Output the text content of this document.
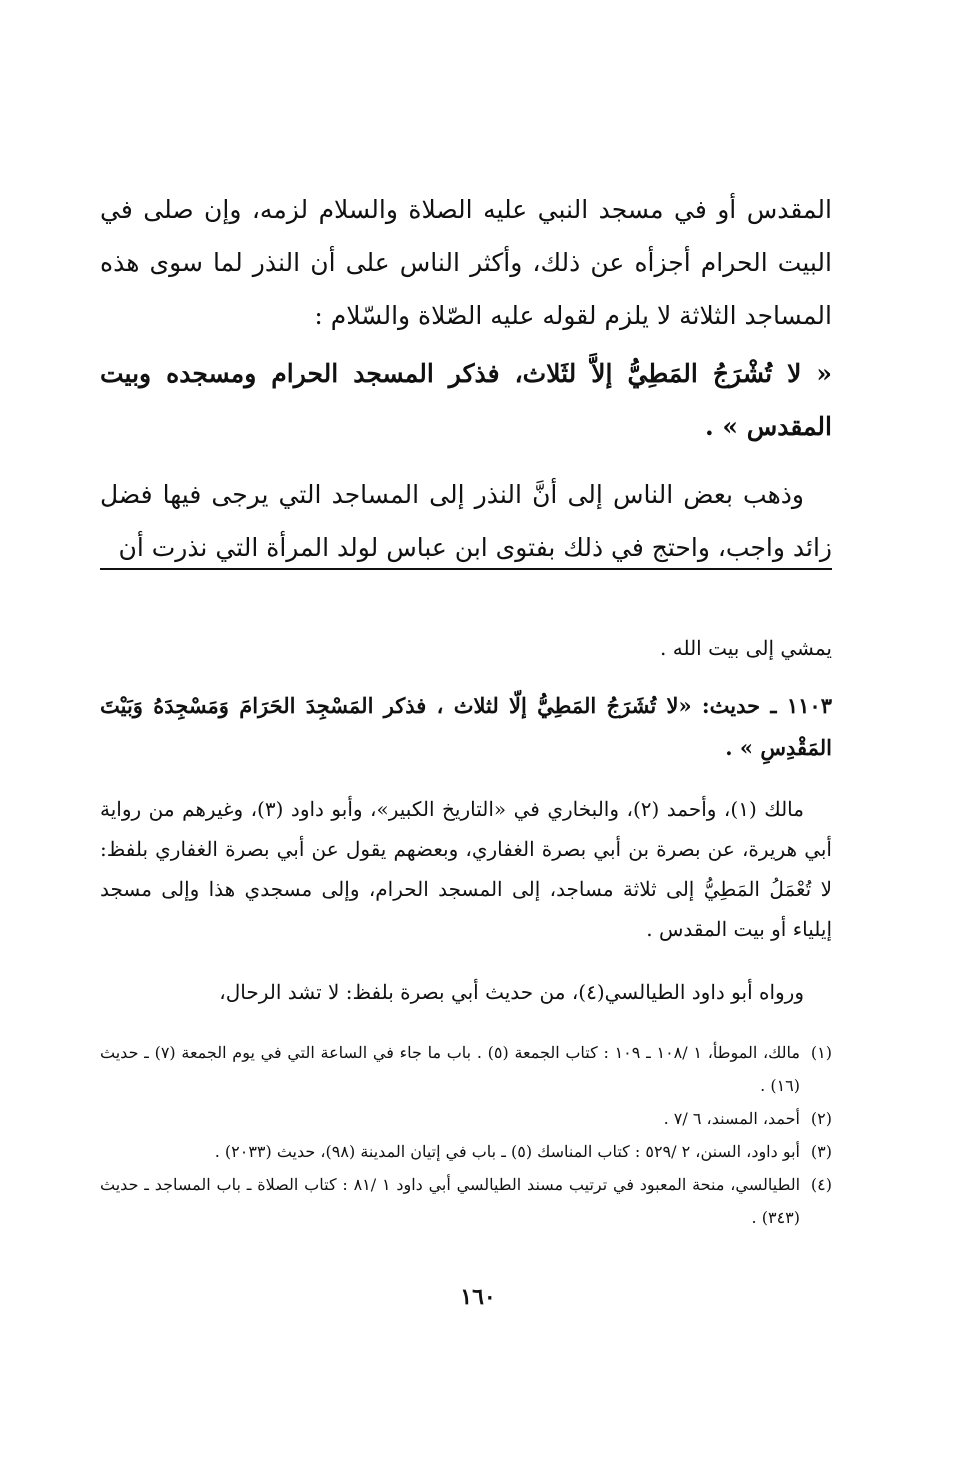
المقدس أو في مسجد النبي عليه الصلاة والسلام لزمه، وإن صلى في البيت الحرام أجزأه عن ذلك، وأكثر الناس على أن النذر لما سوى هذه المساجد الثلاثة لا يلزم لقوله عليه الصّلاة والسّلام :

« لا تُشْرَجُ المَطِيُّ إلاَّ لثَلاث، فذكر المسجد الحرام ومسجده وبيت المقدس » .

وذهب بعض الناس إلى أنَّ النذر إلى المساجد التي يرجى فيها فضل زائد واجب، واحتج في ذلك بفتوى ابن عباس لولد المرأة التي نذرت أن

يمشي إلى بيت الله .

١١٠٣ ـ حديث: «لا تُشَرَجُ المَطِيُّ إلّا لثلاث ، فذكر المَسْجِدَ الحَرَامَ وَمَسْجِدَهُ وَبَيْتَ المَقْدِسِ » .

مالك (١)، وأحمد (٢)، والبخاري في «التاريخ الكبير»، وأبو داود (٣)، وغيرهم من رواية أبي هريرة، عن بصرة بن أبي بصرة الغفاري، وبعضهم يقول عن أبي بصرة الغفاري بلفظ: لا تُعْمَلُ المَطِيُّ إلى ثلاثة مساجد، إلى المسجد الحرام، وإلى مسجدي هذا وإلى مسجد إيلياء أو بيت المقدس .

ورواه أبو داود الطيالسي(٤)، من حديث أبي بصرة بلفظ: لا تشد الرحال،

(١)
مالك، الموطأ، ١ /١٠٨ ـ ١٠٩ : كتاب الجمعة (٥) . باب ما جاء في الساعة التي في يوم الجمعة (٧) ـ حديث (١٦) .
(٢)
أحمد، المسند، ٦ /٧ .
(٣)
أبو داود، السنن، ٢ /٥٢٩ : كتاب المناسك (٥) ـ باب في إتيان المدينة (٩٨)، حديث (٢٠٣٣) .
(٤)
الطيالسي، منحة المعبود في ترتيب مسند الطيالسي أبي داود ١ /٨١ : كتاب الصلاة ـ باب المساجد ـ حديث (٣٤٣) .
١٦٠
